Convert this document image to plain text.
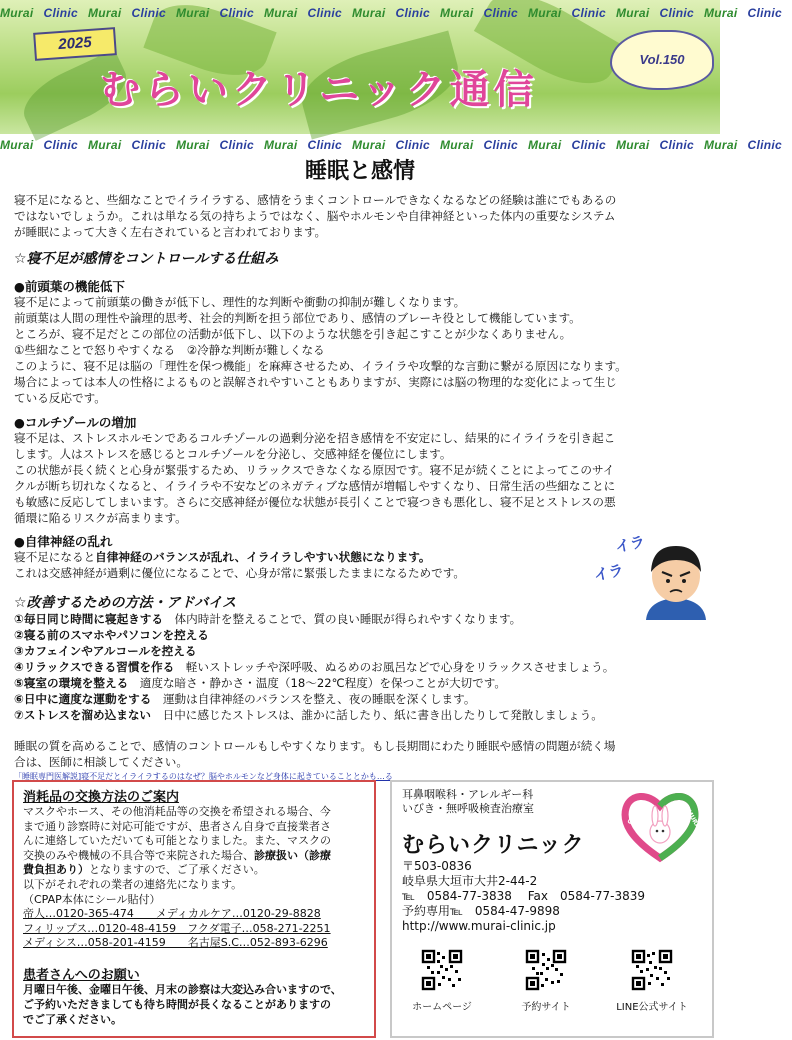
Murai Clinic Murai Clinic Murai Clinic Murai Clinic Murai Clinic Murai Clinic Murai Clinic Murai Clinic Murai Clinic
2025
むらいクリニック通信
Vol.150
Murai Clinic Murai Clinic Murai Clinic Murai Clinic Murai Clinic Murai Clinic Murai Clinic Murai Clinic Murai Clinic
睡眠と感情
寝不足になると、些細なことでイライラする、感情をうまくコントロールできなくなるなどの経験は誰にでもあるの
ではないでしょうか。これは単なる気の持ちようではなく、脳やホルモンや自律神経といった体内の重要なシステム
が睡眠によって大きく左右されていると言われております。
☆寝不足が感情をコントロールする仕組み
●前頭葉の機能低下
寝不足によって前頭葉の働きが低下し、理性的な判断や衝動の抑制が難しくなります。
前頭葉は人間の理性や論理的思考、社会的判断を担う部位であり、感情のブレーキ役として機能しています。
ところが、寝不足だとこの部位の活動が低下し、以下のような状態を引き起こすことが少なくありません。
①些細なことで怒りやすくなる　②冷静な判断が難しくなる
このように、寝不足は脳の「理性を保つ機能」を麻痺させるため、イライラや攻撃的な言動に繋がる原因になります。
場合によっては本人の性格によるものと誤解されやすいこともありますが、実際には脳の物理的な変化によって生じ
ている反応です。
●コルチゾールの増加
寝不足は、ストレスホルモンであるコルチゾールの過剰分泌を招き感情を不安定にし、結果的にイライラを引き起こ
します。人はストレスを感じるとコルチゾールを分泌し、交感神経を優位にします。
この状態が長く続くと心身が緊張するため、リラックスできなくなる原因です。寝不足が続くことによってこのサイ
クルが断ち切れなくなると、イライラや不安などのネガティブな感情が増幅しやすくなり、日常生活の些細なことに
も敏感に反応してしまいます。さらに交感神経が優位な状態が長引くことで寝つきも悪化し、寝不足とストレスの悪
循環に陥るリスクが高まります。
●自律神経の乱れ
寝不足になると自律神経のバランスが乱れ、イライラしやすい状態になります。
これは交感神経が過剰に優位になることで、心身が常に緊張したままになるためです。
イラ
イラ
☆改善するための方法・アドバイス
①毎日同じ時間に寝起きする　体内時計を整えることで、質の良い睡眠が得られやすくなります。
②寝る前のスマホやパソコンを控える
③カフェインやアルコールを控える
④リラックスできる習慣を作る　軽いストレッチや深呼吸、ぬるめのお風呂などで心身をリラックスさせましょう。
⑤寝室の環境を整える　適度な暗さ・静かさ・温度（18～22℃程度）を保つことが大切です。
⑥日中に適度な運動をする　運動は自律神経のバランスを整え、夜の睡眠を深くします。
⑦ストレスを溜め込まない　日中に感じたストレスは、誰かに話したり、紙に書き出したりして発散しましょう。
睡眠の質を高めることで、感情のコントロールもしやすくなります。もし長期間にわたり睡眠や感情の問題が続く場
合は、医師に相談してください。
「睡眠専門医解説]寝不足だとイライラするのはなぜ？脳やホルモンなど身体に起きていることとかも…る
消耗品の交換方法のご案内
マスクやホース、その他消耗品等の交換を希望される場合、今
まで通り診察時に対応可能ですが、患者さん自身で直接業者さ
んに連絡していただいても可能となりました。また、マスクの
交換のみや機械の不具合等で来院された場合、診療扱い（診療
費負担あり）となりますので、ご了承ください。
以下がそれぞれの業者の連絡先になります。
（CPAP本体にシール貼付）
帝人…0120-365-474　　メディカルケア…0120-29-8828
フィリップス…0120-48-4159　フクダ電子…058-271-2251
メディシス…058-201-4159　　名古屋S.C…052-893-6296
患者さんへのお願い
月曜日午後、金曜日午後、月末の診察は大変込み合いますので、
ご予約いただきましても待ち時間が長くなることがありますの
でご了承ください。
耳鼻咽喉科・アレルギー科
いびき・無呼吸検査治療室
むらいクリニック
〒503-0836
岐阜県大垣市大井2-44-2
℡　0584-77-3838　 Fax　0584-77-3839
予約専用℡　0584-47-9898
http://www.murai-clinic.jp
CLINIC	MURAI
ホームページ	予約サイト	LINE公式サイト
